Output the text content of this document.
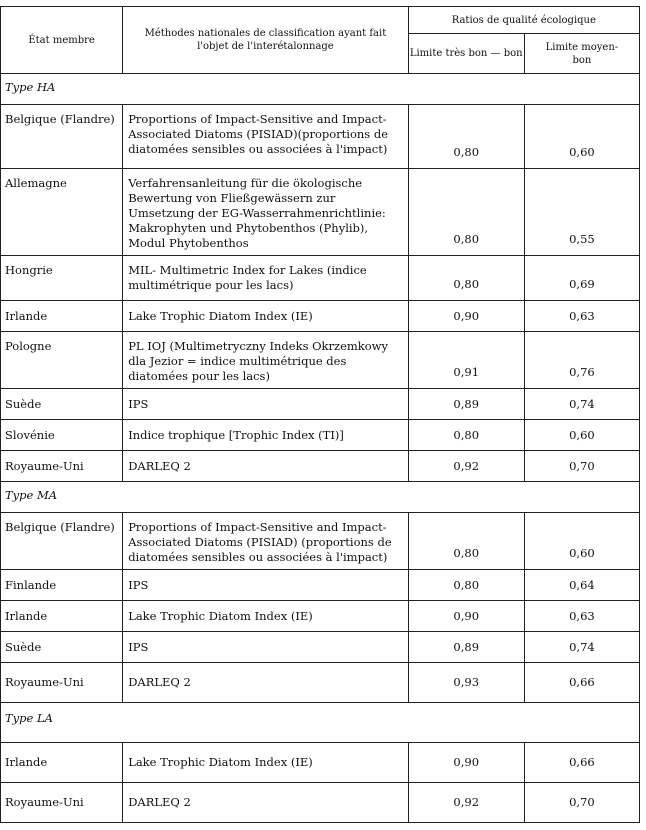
État membre	Méthodes nationales de classification ayant fait l'objet de l'interétalonnage	Ratios de qualité écologique	
		Limite très bon — bon	Limite moyen-bon
Type HA			
Belgique (Flandre)	Proportions of Impact-Sensitive and Impact-Associated Diatoms (PISIAD)(proportions de diatomées sensibles ou associées à l'impact)	0,80	0,60
Allemagne	Verfahrensanleitung für die ökologische Bewertung von Fließgewässern zur Umsetzung der EG-Wasserrahmenrichtlinie: Makrophyten und Phytobenthos (Phylib), Modul Phytobenthos	0,80	0,55
Hongrie	MIL- Multimetric Index for Lakes (indice multimétrique pour les lacs)	0,80	0,69
Irlande	Lake Trophic Diatom Index (IE)	0,90	0,63
Pologne	PL IOJ (Multimetryczny Indeks Okrzemkowy dla Jezior = indice multimétrique des diatomées pour les lacs)	0,91	0,76
Suède	IPS	0,89	0,74
Slovénie	Indice trophique [Trophic Index (TI)]	0,80	0,60
Royaume-Uni	DARLEQ 2	0,92	0,70
Type MA			
Belgique (Flandre)	Proportions of Impact-Sensitive and Impact-Associated Diatoms (PISIAD) (proportions de diatomées sensibles ou associées à l'impact)	0,80	0,60
Finlande	IPS	0,80	0,64
Irlande	Lake Trophic Diatom Index (IE)	0,90	0,63
Suède	IPS	0,89	0,74
Royaume-Uni	DARLEQ 2	0,93	0,66
Type LA			
Irlande	Lake Trophic Diatom Index (IE)	0,90	0,66
Royaume-Uni	DARLEQ 2	0,92	0,70
